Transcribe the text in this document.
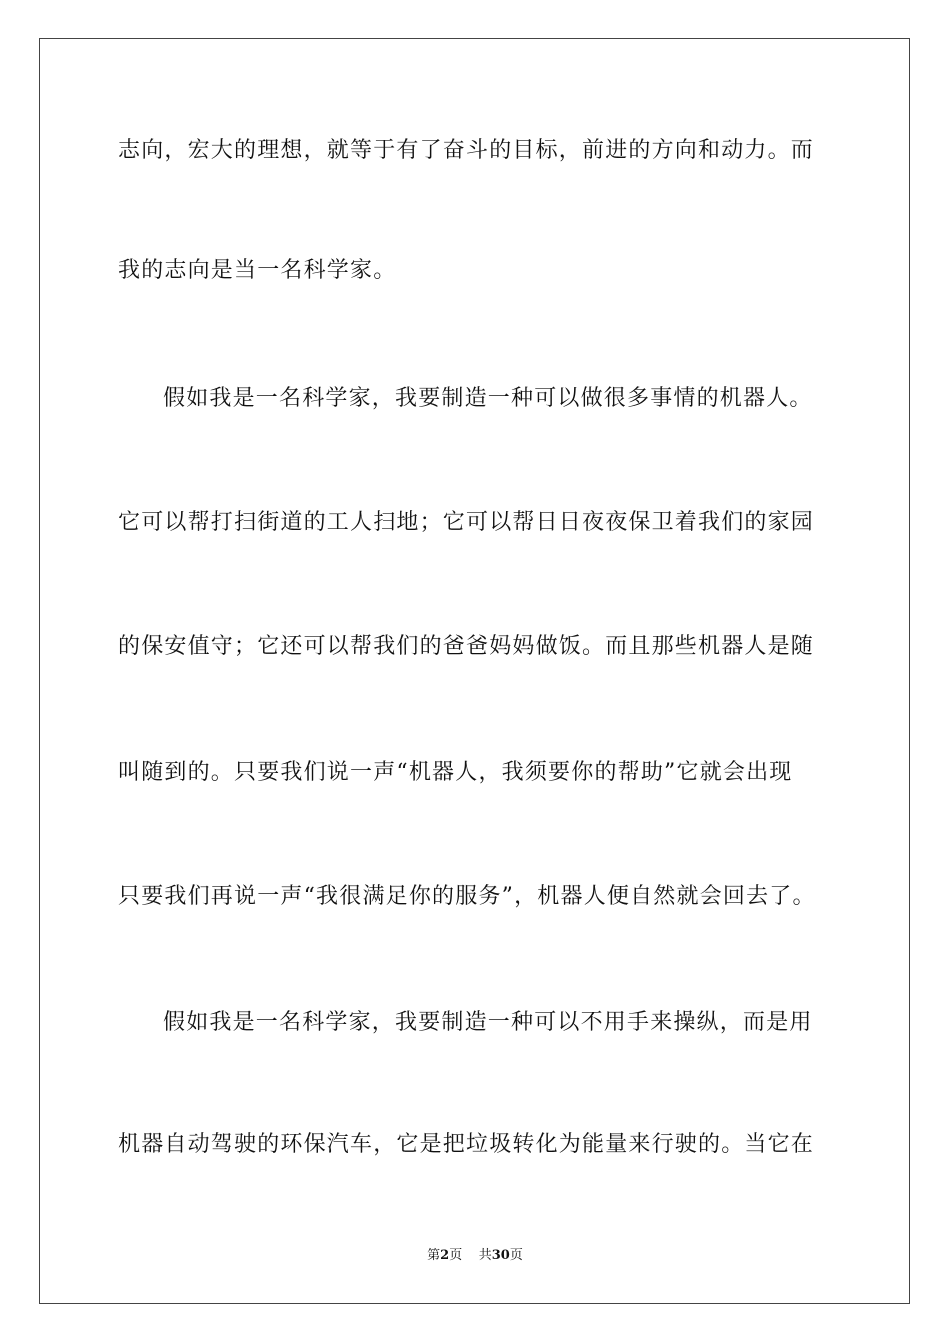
志向，宏大的理想，就等于有了奋斗的目标，前进的方向和动力。而
我的志向是当一名科学家。
假如我是一名科学家，我要制造一种可以做很多事情的机器人。
它可以帮打扫街道的工人扫地；它可以帮日日夜夜保卫着我们的家园
的保安值守；它还可以帮我们的爸爸妈妈做饭。而且那些机器人是随
叫随到的。只要我们说一声“机器人，我须要你的帮助”它就会出现
只要我们再说一声“我很满足你的服务”，机器人便自然就会回去了。
假如我是一名科学家，我要制造一种可以不用手来操纵，而是用
机器自动驾驶的环保汽车，它是把垃圾转化为能量来行驶的。当它在
第2页 共30页
